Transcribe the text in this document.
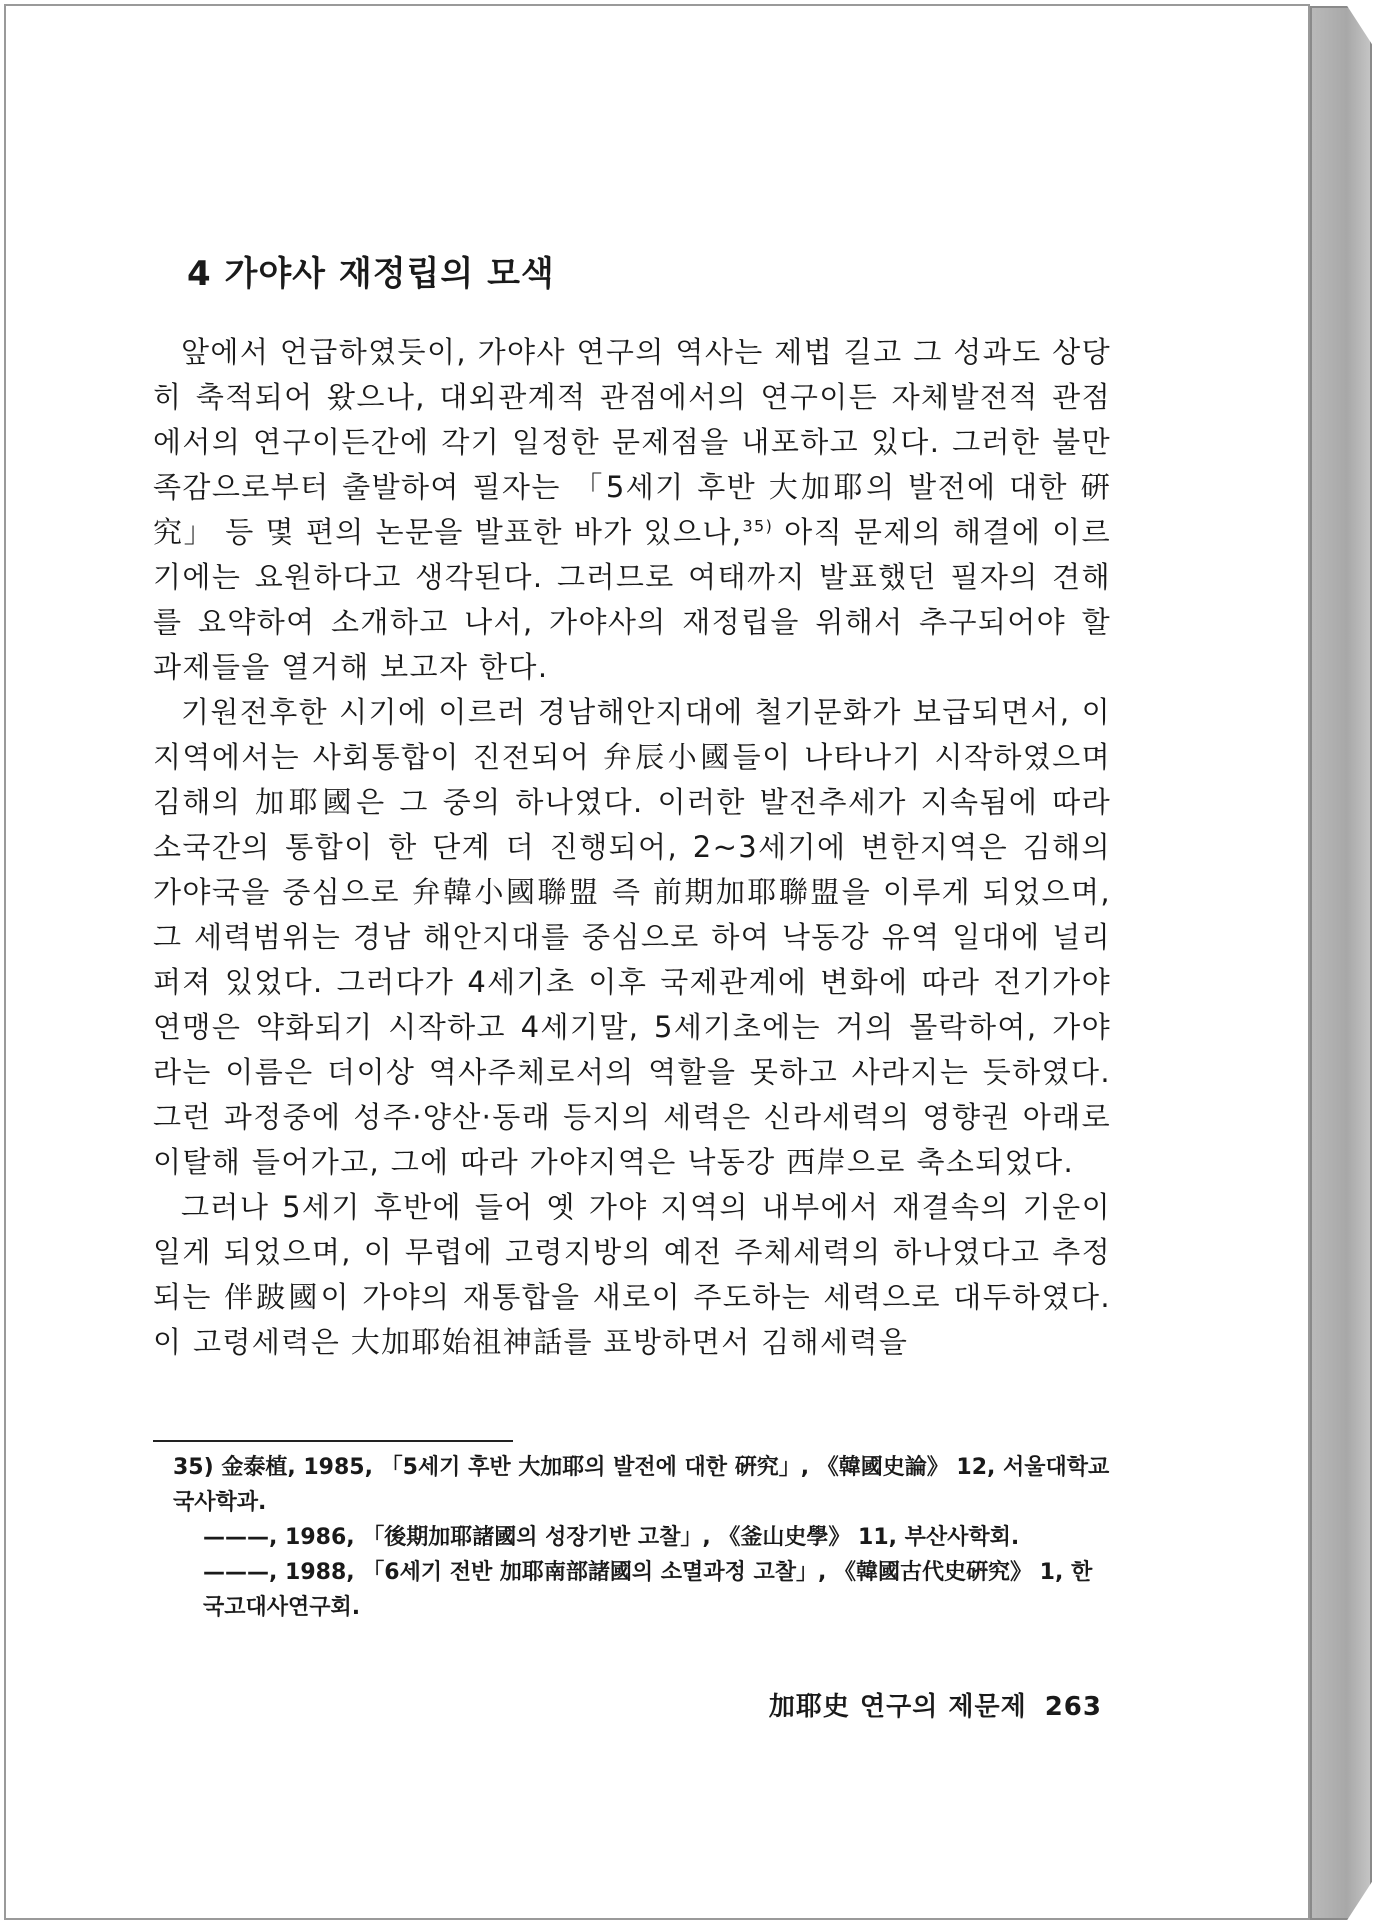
4 가야사 재정립의 모색

앞에서 언급하였듯이, 가야사 연구의 역사는 제법 길고 그 성과도 상당히 축적되어 왔으나, 대외관계적 관점에서의 연구이든 자체발전적 관점에서의 연구이든간에 각기 일정한 문제점을 내포하고 있다. 그러한 불만족감으로부터 출발하여 필자는 「5세기 후반 大加耶의 발전에 대한 硏究」 등 몇 편의 논문을 발표한 바가 있으나,$^{35)}$ 아직 문제의 해결에 이르기에는 요원하다고 생각된다. 그러므로 여태까지 발표했던 필자의 견해를 요약하여 소개하고 나서, 가야사의 재정립을 위해서 추구되어야 할 과제들을 열거해 보고자 한다.

기원전후한 시기에 이르러 경남해안지대에 철기문화가 보급되면서, 이 지역에서는 사회통합이 진전되어 弁辰小國들이 나타나기 시작하였으며 김해의 加耶國은 그 중의 하나였다. 이러한 발전추세가 지속됨에 따라 소국간의 통합이 한 단계 더 진행되어, 2~3세기에 변한지역은 김해의 가야국을 중심으로 弁韓小國聯盟 즉 前期加耶聯盟을 이루게 되었으며, 그 세력범위는 경남 해안지대를 중심으로 하여 낙동강 유역 일대에 널리 퍼져 있었다. 그러다가 4세기초 이후 국제관계에 변화에 따라 전기가야연맹은 약화되기 시작하고 4세기말, 5세기초에는 거의 몰락하여, 가야라는 이름은 더이상 역사주체로서의 역할을 못하고 사라지는 듯하였다. 그런 과정중에 성주·양산·동래 등지의 세력은 신라세력의 영향권 아래로 이탈해 들어가고, 그에 따라 가야지역은 낙동강 西岸으로 축소되었다.

그러나 5세기 후반에 들어 옛 가야 지역의 내부에서 재결속의 기운이 일게 되었으며, 이 무렵에 고령지방의 예전 주체세력의 하나였다고 추정되는 伴跛國이 가야의 재통합을 새로이 주도하는 세력으로 대두하였다. 이 고령세력은 大加耶始祖神話를 표방하면서 김해세력을

35) 金泰植, 1985, 「5세기 후반 大加耶의 발전에 대한 硏究」, 《韓國史論》 12, 서울대학교 국사학과.

———, 1986, 「後期加耶諸國의 성장기반 고찰」, 《釜山史學》 11, 부산사학회.

———, 1988, 「6세기 전반 加耶南部諸國의 소멸과정 고찰」, 《韓國古代史硏究》 1, 한국고대사연구회.

加耶史 연구의 제문제 263
